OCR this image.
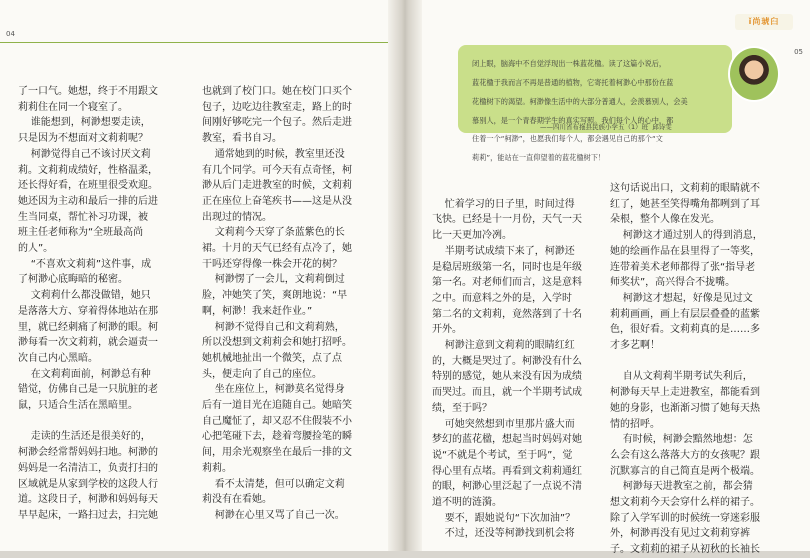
04
05

了一口气。她想，终于不用跟文

莉莉住在同一个寝室了。

谁能想到，柯渺想要走读，

只是因为不想面对文莉莉呢？

柯渺觉得自己不该讨厌文莉

莉。文莉莉成绩好，性格温柔，

还长得好看，在班里很受欢迎。

她还因为主动和最后一排的后进

生当同桌，帮忙补习功课，被

班主任老师称为“全班最高尚

的人”。

“不喜欢文莉莉”这件事，成

了柯渺心底晦暗的秘密。

文莉莉什么都没做错，她只

是落落大方、穿着得体地站在那

里，就已经刺痛了柯渺的眼。柯

渺每看一次文莉莉，就会逼责一

次自己内心黑暗。

在文莉莉面前，柯渺总有种

错觉，仿佛自己是一只肮脏的老

鼠，只适合生活在黑暗里。

走读的生活还是很美好的，

柯渺会经常帮妈妈扫地。柯渺的

妈妈是一名清洁工，负责打扫的

区域就是从家到学校的这段人行

道。这段日子，柯渺和妈妈每天

早早起床，一路扫过去，扫完她

也就到了校门口。她在校门口买个

包子，边吃边往教室走，路上的时

间刚好够吃完一个包子。然后走进

教室，看书自习。

通常她到的时候，教室里还没

有几个同学。可今天有点奇怪，柯

渺从后门走进教室的时候，文莉莉

正在座位上奋笔疾书——这是从没

出现过的情况。

文莉莉今天穿了条蓝紫色的长

裙。十月的天气已经有点冷了，她

干吗还穿得像一株会开花的树？

柯渺愣了一会儿，文莉莉倒过

脸，冲她笑了笑，爽朗地说：“早

啊，柯渺！我来赶作业。”

柯渺不觉得自己和文莉莉熟，

所以没想到文莉莉会和她打招呼。

她机械地扯出一个微笑，点了点

头，便走向了自己的座位。

坐在座位上，柯渺莫名觉得身

后有一道目光在追随自己。她暗笑

自己魔怔了，却又忍不住假装不小

心把笔碰下去，趁着弯腰捡笔的瞬

间，用余光观察坐在最后一排的文

莉莉。

看不太清楚，但可以确定文莉

莉没有在看她。

柯渺在心里又骂了自己一次。

ǐ尚琥臼

闭上眼，脑海中不自觉浮现出一株蓝花楹。读了这篇小说后，

蓝花楹于我而言不再是普通的植物，它寄托着柯渺心中那份在蓝

花楹树下的渴望。柯渺像生活中的大部分普通人，会羡慕别人，会美

慕别人，是一个青春期学生的真实写照。我们每个人的心中，都

住着一个“柯渺”，也愿我们每个人，都会遇见自己的那个“文

莉莉”，能站在一直仰望着的蓝花楹树下！

——四川省布拖县民族小学五（1）班  邱诗雯

忙着学习的日子里，时间过得

飞快。已经是十一月份，天气一天

比一天更加冷冽。

半期考试成绩下来了，柯渺还

是稳居班级第一名，同时也是年级

第一名。对老师们而言，这是意料

之中。而意料之外的是，入学时

第二名的文莉莉，竟然落到了十名

开外。

柯渺注意到文莉莉的眼睛红红

的，大概是哭过了。柯渺没有什么

特别的感觉，她从来没有因为成绩

而哭过。而且，就一个半期考试成

绩，至于吗？

可她突然想到市里那片盛大而

梦幻的蓝花楹，想起当时妈妈对她

说“不就是个考试，至于吗”，觉

得心里有点堵。再看到文莉莉通红

的眼，柯渺心里泛起了一点说不清

道不明的涟漪。

要不，跟她说句“下次加油”？

不过，还没等柯渺找到机会将

这句话说出口，文莉莉的眼睛就不

红了，她甚至笑得嘴角都咧到了耳

朵根，整个人像在发光。

柯渺这才通过别人的得到消息，

她的绘画作品在县里得了一等奖，

连带着美术老师都得了张“指导老

师奖状”，高兴得合不拢嘴。

柯渺这才想起，好像是见过文

莉莉画画，画上有层层叠叠的蓝紫

色，很好看。文莉莉真的是……多

才多艺啊！

自从文莉莉半期考试失利后，

柯渺每天早上走进教室，都能看到

她的身影，也渐渐习惯了她每天热

情的招呼。

有时候，柯渺会黯然地想：怎

么会有这么落落大方的女孩呢？跟

沉默寡言的自己简直是两个极端。

柯渺每天进教室之前，都会猜

想文莉莉今天会穿什么样的裙子。

除了入学军训的时候统一穿迷彩服

外，柯渺再没有见过文莉莉穿裤

子。文莉莉的裙子从初秋的长袖长
